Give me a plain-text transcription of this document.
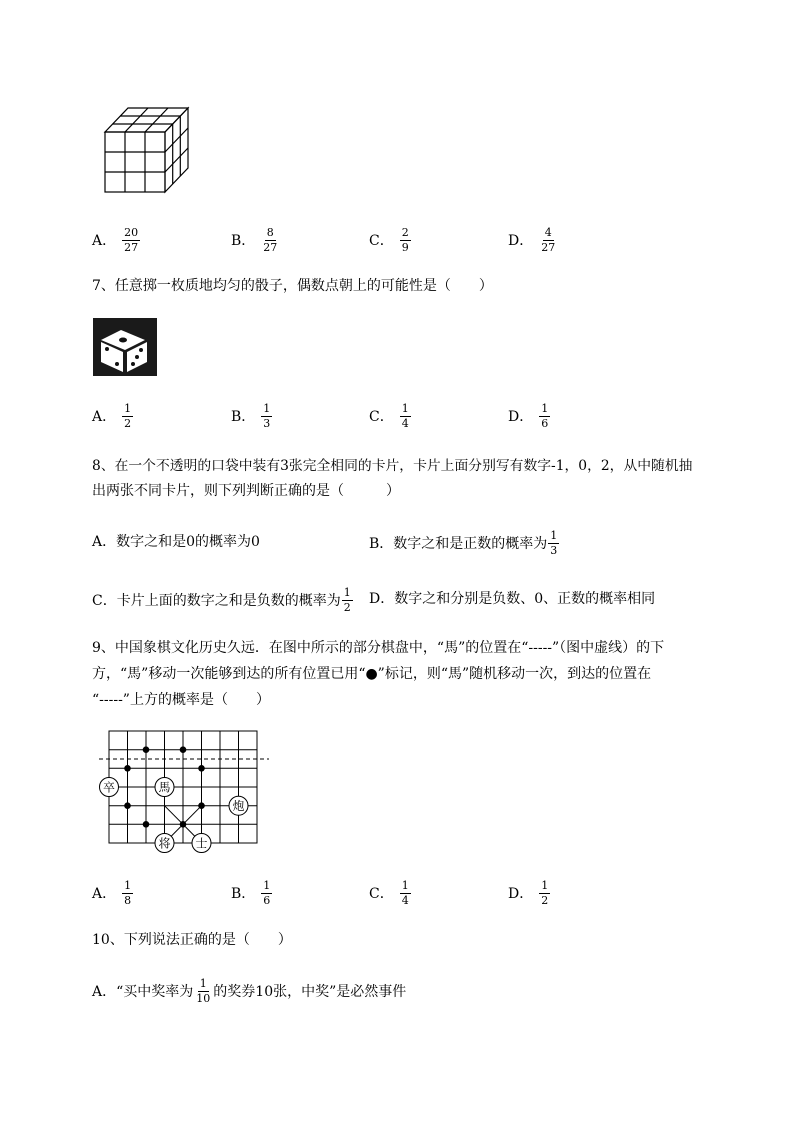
A． $\frac{20}{27}$	B． $\frac{8}{27}$	C． $\frac{2}{9}$	D． $\frac{4}{27}$
7、任意掷一枚质地均匀的骰子，偶数点朝上的可能性是（　　）
A． $\frac{1}{2}$	B． $\frac{1}{3}$	C． $\frac{1}{4}$	D． $\frac{1}{6}$
8、在一个不透明的口袋中装有3张完全相同的卡片，卡片上面分别写有数字-1，0，2，从中随机抽
出两张不同卡片，则下列判断正确的是（　　　）
A．数字之和是0的概率为0	B．数字之和是正数的概率为 $\frac{1}{3}$
C．卡片上面的数字之和是负数的概率为 $\frac{1}{2}$ D．数字之和分别是负数、0、正数的概率相同
9、中国象棋文化历史久远．在图中所示的部分棋盘中，“馬”的位置在“-----”（图中虚线）的下
方，“馬”移动一次能够到达的所有位置已用“●”标记，则“馬”随机移动一次，到达的位置在
“-----”上方的概率是（　　）
卒	馬
炮
将 士
A． $\frac{1}{8}$	B． $\frac{1}{6}$	C． $\frac{1}{4}$	D． $\frac{1}{2}$
10、下列说法正确的是（　　）
A．“买中奖率为 $\frac{1}{10}$ 的奖券10张，中奖”是必然事件
